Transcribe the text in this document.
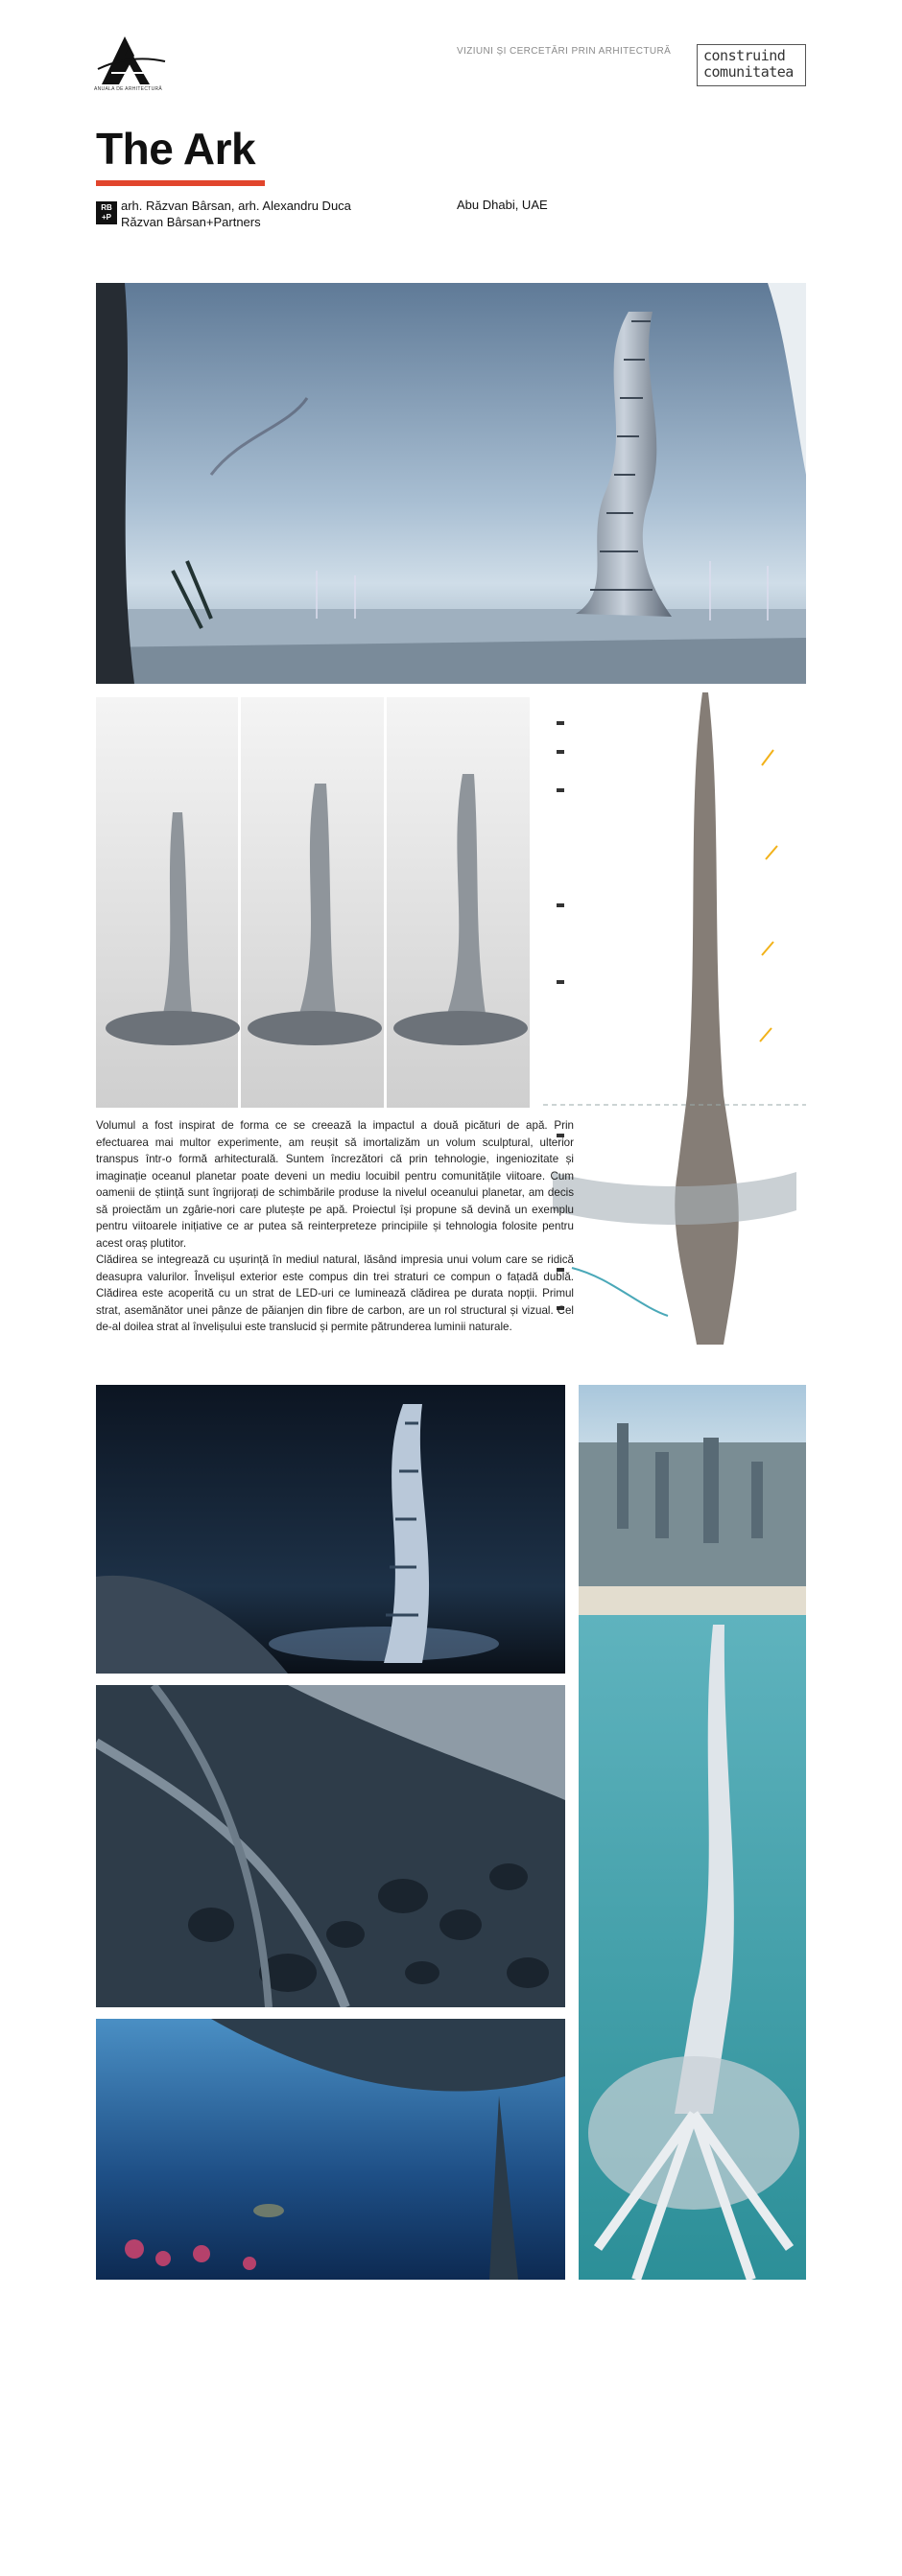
ANUALA DE ARHITECTURĂ
VIZIUNI ȘI CERCETĂRI PRIN ARHITECTURĂ construind
comunitatea
The Ark
RB
+P
arh. Răzvan Bârsan, arh. Alexandru Duca
Răzvan Bârsan+Partners
Abu Dhabi, UAE

Volumul a fost inspirat de forma ce se creează la impactul a două picături de apă. Prin efectuarea mai multor experimente, am reușit să imortalizăm un volum sculptural, ulterior transpus într-o formă arhitecturală. Suntem încrezători că prin tehnologie, ingeniozitate și imaginație oceanul planetar poate deveni un mediu locuibil pentru comunitățile viitoare. Cum oamenii de știință sunt îngrijorați de schimbările produse la nivelul oceanului planetar, am decis să proiectăm un zgârie-nori care plutește pe apă. Proiectul își propune să devină un exemplu pentru viitoarele inițiative ce ar putea să reinterpreteze principiile și tehnologia folosite pentru acest oraș plutitor.

Clădirea se integrează cu ușurință în mediul natural, lăsând impresia unui volum care se ridică deasupra valurilor. Învelișul exterior este compus din trei straturi ce compun o fațadă dublă. Clădirea este acoperită cu un strat de LED-uri ce luminează clădirea pe durata nopții. Primul strat, asemănător unei pânze de păianjen din fibre de carbon, are un rol structural și vizual. Cel de-al doilea strat al învelișului este translucid și permite pătrunderea luminii naturale.
